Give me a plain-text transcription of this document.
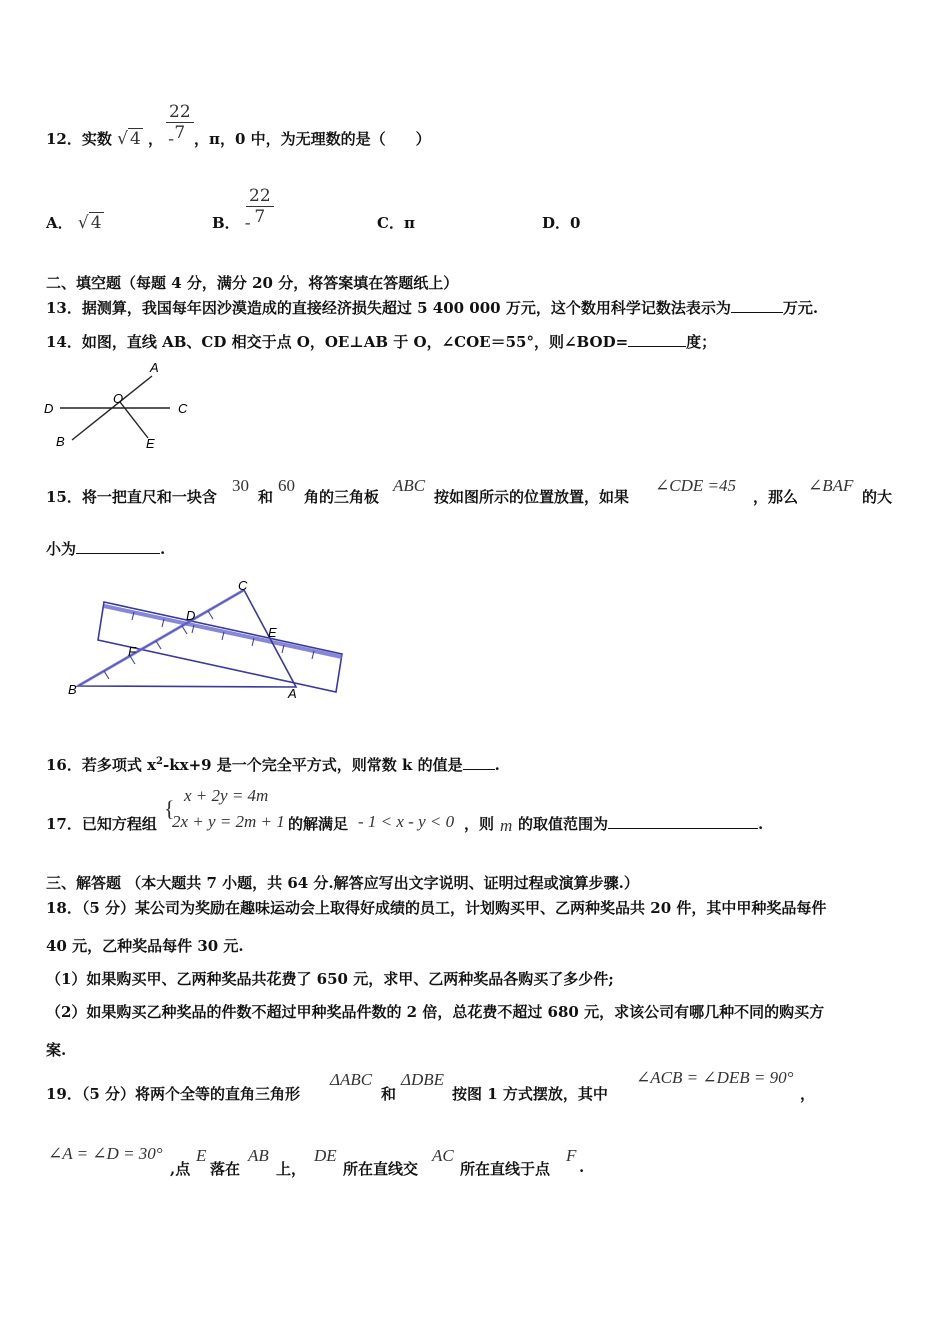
12．实数 √ 4 ， -
$\frac{22}{7}$ ，π，0 中，为无理数的是（　　）
A． √ 4	B． -
$\frac{22}{7}$	C．π	D．0
二、填空题（每题 4 分，满分 20 分，将答案填在答题纸上）
13．据测算，我国每年因沙漠造成的直接经济损失超过 5 400 000 万元，这个数用科学记数法表示为	万元.
14．如图，直线 AB、CD 相交于点 O，OE⊥AB 于 O，∠COE＝55°，则∠BOD=	度；
A
O
D	C
B	E
15．将一把直尺和一块含
30
和
60
角的三角板
ABC
按如图所示的位置放置，如果
∠CDE =45
，那么
∠BAF
的大
小为	.
C
D
E
F
B	A
16．若多项式 $x^2-kx+9$ 是一个完全平方式，则常数 k 的值是 .
17．已知方程组
{
x + 2y = 4m
2x + y = 2m + 1 的解满足 - 1 < x - y < 0 ，则 m 的取值范围为	.
三、解答题 （本大题共 7 小题，共 64 分.解答应写出文字说明、证明过程或演算步骤.）
18．（5 分）某公司为奖励在趣味运动会上取得好成绩的员工，计划购买甲、乙两种奖品共 20 件，其中甲种奖品每件
40 元，乙种奖品每件 30 元.
（1）如果购买甲、乙两种奖品共花费了 650 元，求甲、乙两种奖品各购买了多少件;
（2）如果购买乙种奖品的件数不超过甲种奖品件数的 2 倍，总花费不超过 680 元，求该公司有哪几种不同的购买方
案.
19．（5 分）将两个全等的直角三角形
ΔABC
和
ΔDBE
按图 1 方式摆放，其中
∠ACB = ∠DEB = 90°
，
∠A = ∠D = 30°
,点
E
落在
AB
上，
DE
所在直线交
AC
所在直线于点
F
.
